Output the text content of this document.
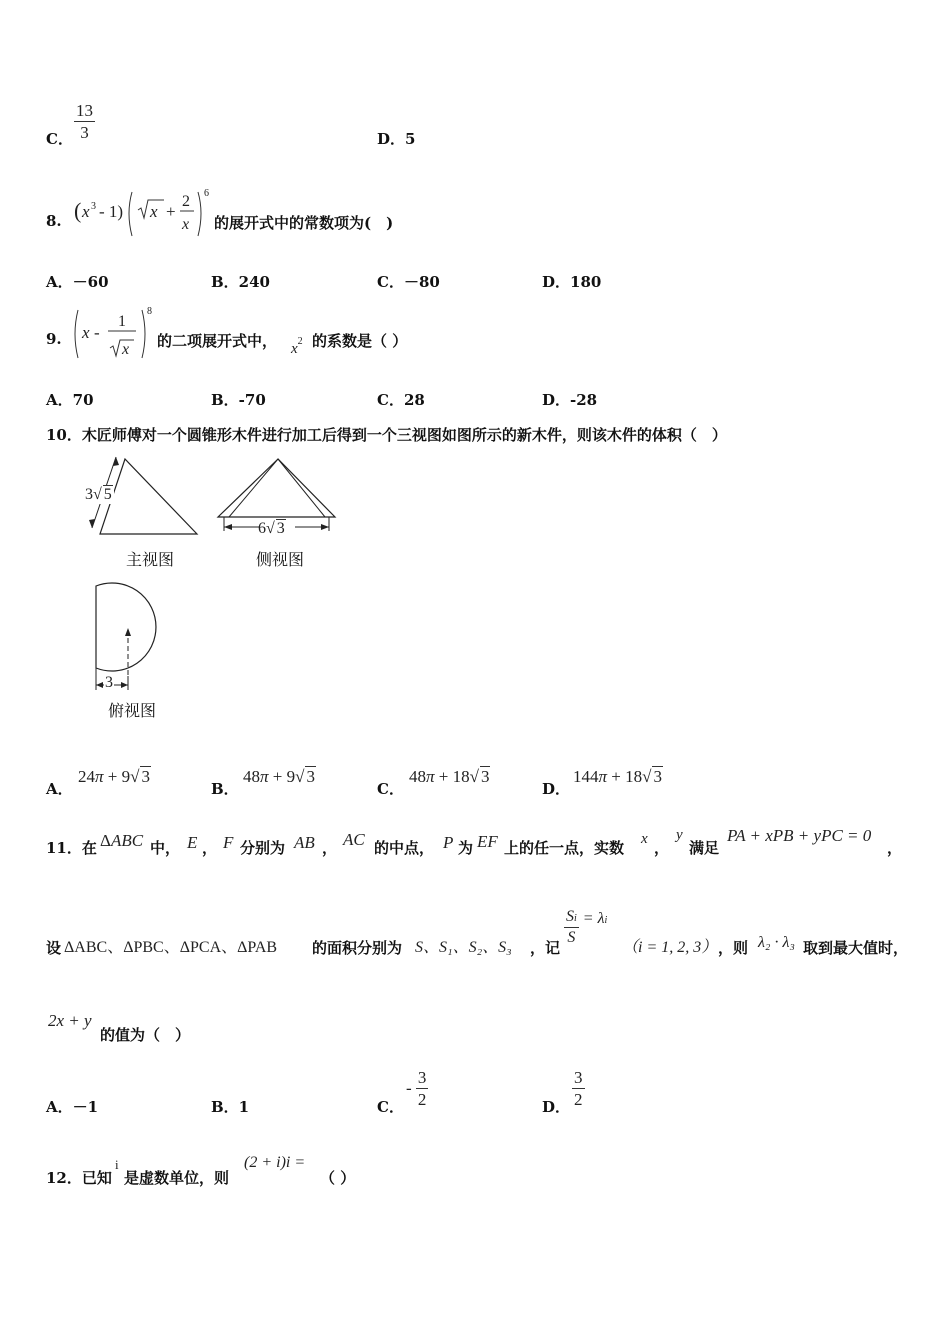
C． $\frac{13}{3}$	D．5
8. ( x 3 - 1) x +
2
x
6
的展开式中的常数项为(　)
A．－60	B．240	C．－80	D．180
9. x -
1
x
8
的二项展开式中， $x^2$ 的系数是（ ）
A．70	B．-70	C．28	D．-28
10．木匠师傅对一个圆锥形木件进行加工后得到一个三视图如图所示的新木件，则该木件的体积（　）
3√ 5
主视图
6√ 3
侧视图
3
俯视图
A．
24π + 9√ 3
B．
48π + 9√ 3
C．
48π + 18√ 3
D．
144π + 18√ 3
11．在 ΔABC 中， E ， F 分别为 AB ， AC 的中点， P 为 EF 上的任一点，实数 x ，
y
满足
PA + xPB + yPC = 0
，
设 ΔABC、ΔPBC、ΔPCA、ΔPAB 的面积分别为 S、S₁、S₂、S₃ ，记
$\frac{Si}{S} = \lambda i$
（i = 1, 2, 3） ，则 λ₂ · λ₃ 取到最大值时，
2x + y
的值为（　）
A．－1	B．1	C．
- $\frac{3}{2}$	D． $\frac{3}{2}$
12．已知
i
是虚数单位，则
(2 + i)i =
（ ）
